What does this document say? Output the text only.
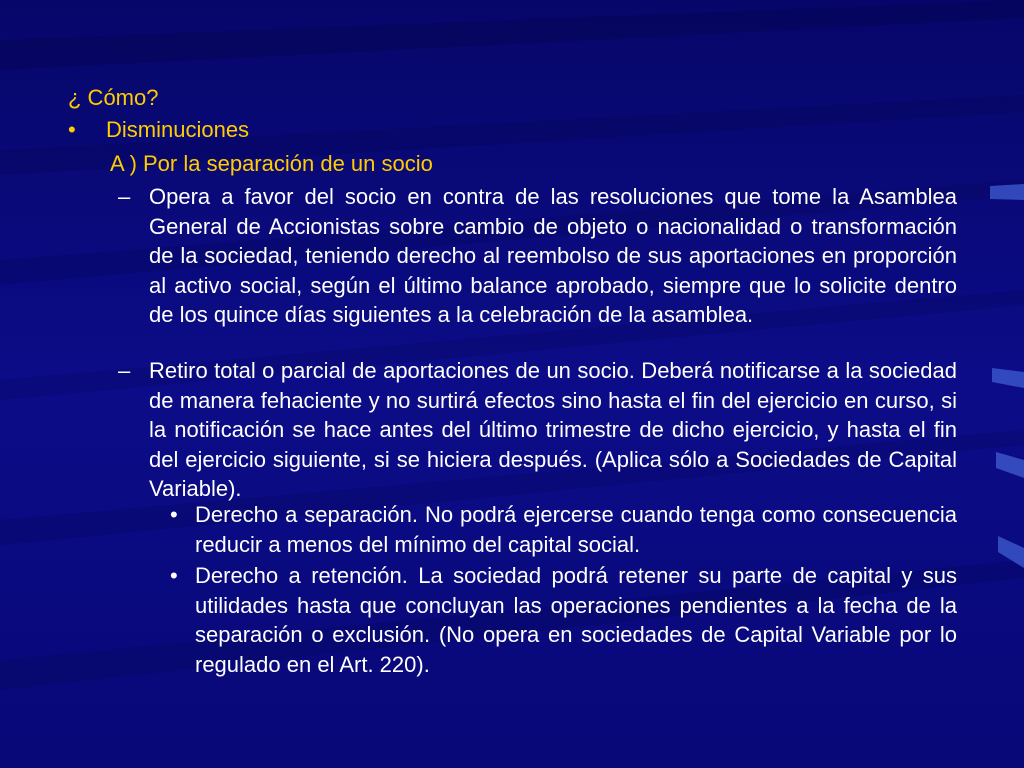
¿ Cómo?
• Disminuciones
A ) Por la separación de un socio
– Opera a favor del socio en contra de las resoluciones que tome la Asamblea General de Accionistas sobre cambio de objeto o nacionalidad o transformación de la sociedad, teniendo derecho al reembolso de sus aportaciones en proporción al activo social, según el último balance aprobado, siempre que lo solicite dentro de los quince días siguientes a la celebración de la asamblea.
– Retiro total o parcial de aportaciones de un socio. Deberá notificarse a la sociedad de manera fehaciente y no surtirá efectos sino hasta el fin del ejercicio en curso, si la notificación se hace antes del último trimestre de dicho ejercicio, y hasta el fin del ejercicio siguiente, si se hiciera después. (Aplica sólo a Sociedades de Capital Variable).
• Derecho a separación. No podrá ejercerse cuando tenga como consecuencia reducir a menos del mínimo del capital social.
• Derecho a retención. La sociedad podrá retener su parte de capital y sus utilidades hasta que concluyan las operaciones pendientes a la fecha de la separación o exclusión. (No opera en sociedades de Capital Variable por lo regulado en el Art. 220).
